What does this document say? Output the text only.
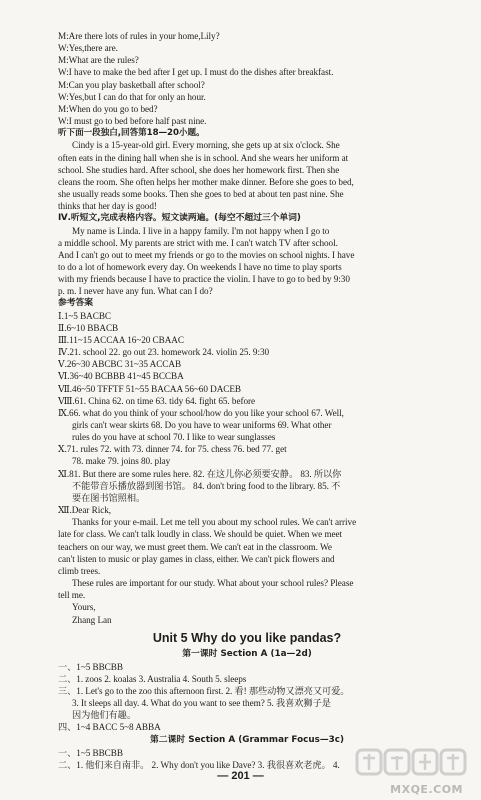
M:Are there lots of rules in your home,Lily?
W:Yes,there are.
M:What are the rules?
W:I have to make the bed after I get up. I must do the dishes after breakfast.
M:Can you play basketball after school?
W:Yes,but I can do that for only an hour.
M:When do you go to bed?
W:I must go to bed before half past nine.
听下面一段独白,回答第18—20小题。
Cindy is a 15-year-old girl. Every morning, she gets up at six o'clock. She
often eats in the dining hall when she is in school. And she wears her uniform at
school. She studies hard. After school, she does her homework first. Then she
cleans the room. She often helps her mother make dinner. Before she goes to bed,
she usually reads some books. Then she goes to bed at about ten past nine. She
thinks that her day is good!
Ⅳ.听短文,完成表格内容。短文读两遍。(每空不超过三个单词)
My name is Linda. I live in a happy family. I'm not happy when I go to
a middle school. My parents are strict with me. I can't watch TV after school.
And I can't go out to meet my friends or go to the movies on school nights. I have
to do a lot of homework every day. On weekends I have no time to play sports
with my friends because I have to practice the violin. I have to go to bed by 9:30
p. m. I never have any fun. What can I do?
参考答案
Ⅰ.1~5 BACBC
Ⅱ.6~10 BBACB
Ⅲ.11~15 ACCAA 16~20 CBAAC
Ⅳ.21. school 22. go out 23. homework 24. violin 25. 9:30
Ⅴ.26~30 ABCBC 31~35 ACCAB
Ⅵ.36~40 BCBBB 41~45 BCCBA
Ⅶ.46~50 TFFTF 51~55 BACAA 56~60 DACEB
Ⅷ.61. China 62. on time 63. tidy 64. fight 65. before
Ⅸ.66. what do you think of your school/how do you like your school 67. Well,
girls can't wear skirts 68. Do you have to wear uniforms 69. What other
rules do you have at school 70. I like to wear sunglasses
Ⅹ.71. rules 72. with 73. dinner 74. for 75. chess 76. bed 77. get
78. make 79. joins 80. play
Ⅺ.81. But there are some rules here. 82. 在这儿你必须要安静。 83. 所以你
不能带音乐播放器到图书馆。 84. don't bring food to the library. 85. 不
要在图书馆照相。
Ⅻ.Dear Rick,
Thanks for your e-mail. Let me tell you about my school rules. We can't arrive
late for class. We can't talk loudly in class. We should be quiet. When we meet
teachers on our way, we must greet them. We can't eat in the classroom. We
can't listen to music or play games in class, either. We can't pick flowers and
climb trees.
These rules are important for our study. What about your school rules? Please
tell me.
Yours,
Zhang Lan
Unit 5 Why do you like pandas?
第一课时 Section A (1a—2d)
一、1~5 BBCBB
二、1. zoos 2. koalas 3. Australia 4. South 5. sleeps
三、1. Let's go to the zoo this afternoon first. 2. 看! 那些动物又漂亮又可爱。
3. It sleeps all day. 4. What do you want to see them? 5. 我喜欢狮子是
因为他们有趣。
四、1~4 BACC 5~8 ABBA
第二课时 Section A (Grammar Focus—3c)
一、1~5 BBCBB
二、1. 他们来自南非。 2. Why don't you like Dave? 3. 我很喜欢老虎。 4.
— 201 —
MXQE.COM
